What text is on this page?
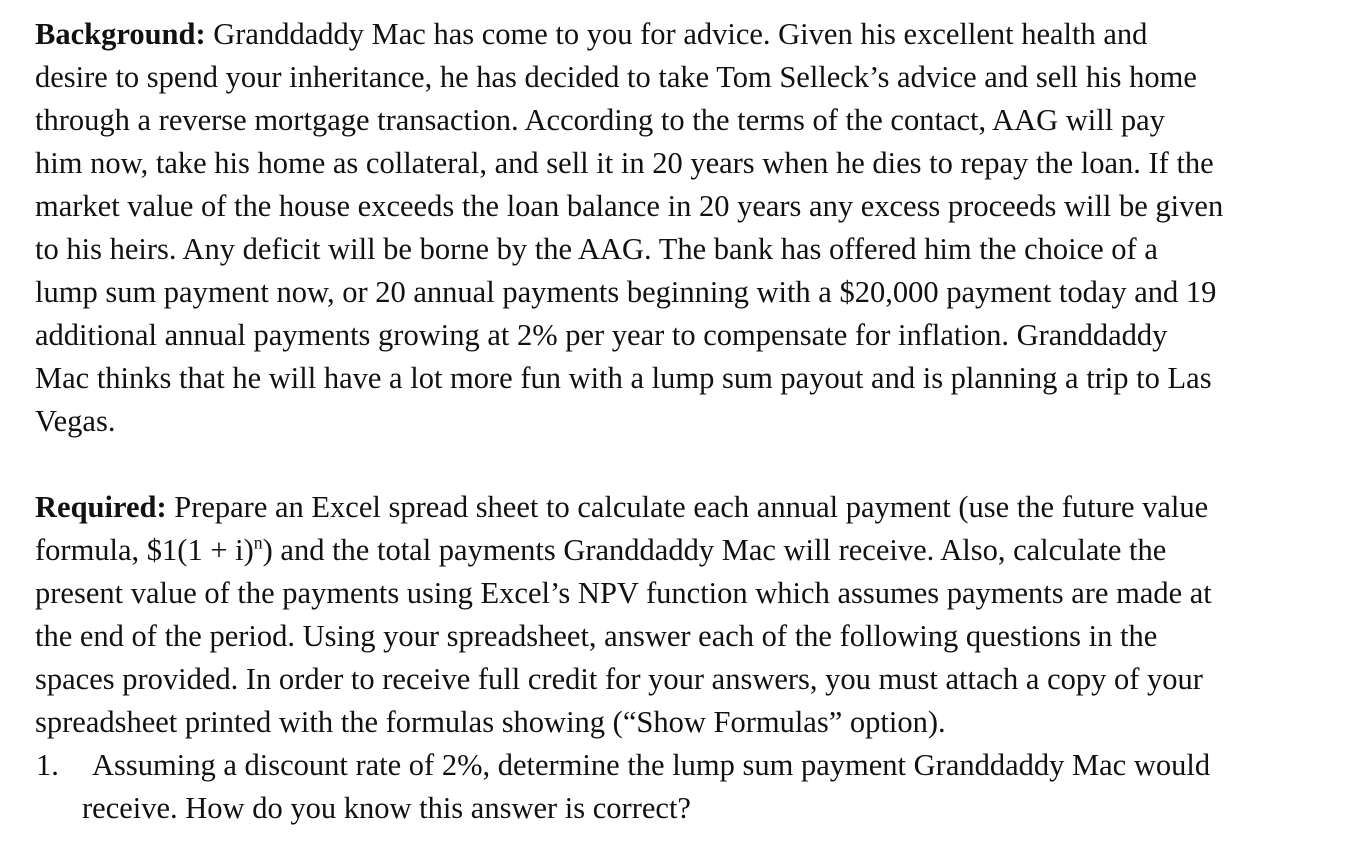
Background: Granddaddy Mac has come to you for advice. Given his excellent health and
desire to spend your inheritance, he has decided to take Tom Selleck’s advice and sell his home
through a reverse mortgage transaction. According to the terms of the contact, AAG will pay
him now, take his home as collateral, and sell it in 20 years when he dies to repay the loan. If the
market value of the house exceeds the loan balance in 20 years any excess proceeds will be given
to his heirs. Any deficit will be borne by the AAG. The bank has offered him the choice of a
lump sum payment now, or 20 annual payments beginning with a $20,000 payment today and 19
additional annual payments growing at 2% per year to compensate for inflation. Granddaddy
Mac thinks that he will have a lot more fun with a lump sum payout and is planning a trip to Las
Vegas.
Required: Prepare an Excel spread sheet to calculate each annual payment (use the future value
formula, $1(1 + i)$^n$) and the total payments Granddaddy Mac will receive. Also, calculate the
present value of the payments using Excel’s NPV function which assumes payments are made at
the end of the period. Using your spreadsheet, answer each of the following questions in the
spaces provided. In order to receive full credit for your answers, you must attach a copy of your
spreadsheet printed with the formulas showing (“Show Formulas” option).
1. Assuming a discount rate of 2%, determine the lump sum payment Granddaddy Mac would
receive. How do you know this answer is correct?
